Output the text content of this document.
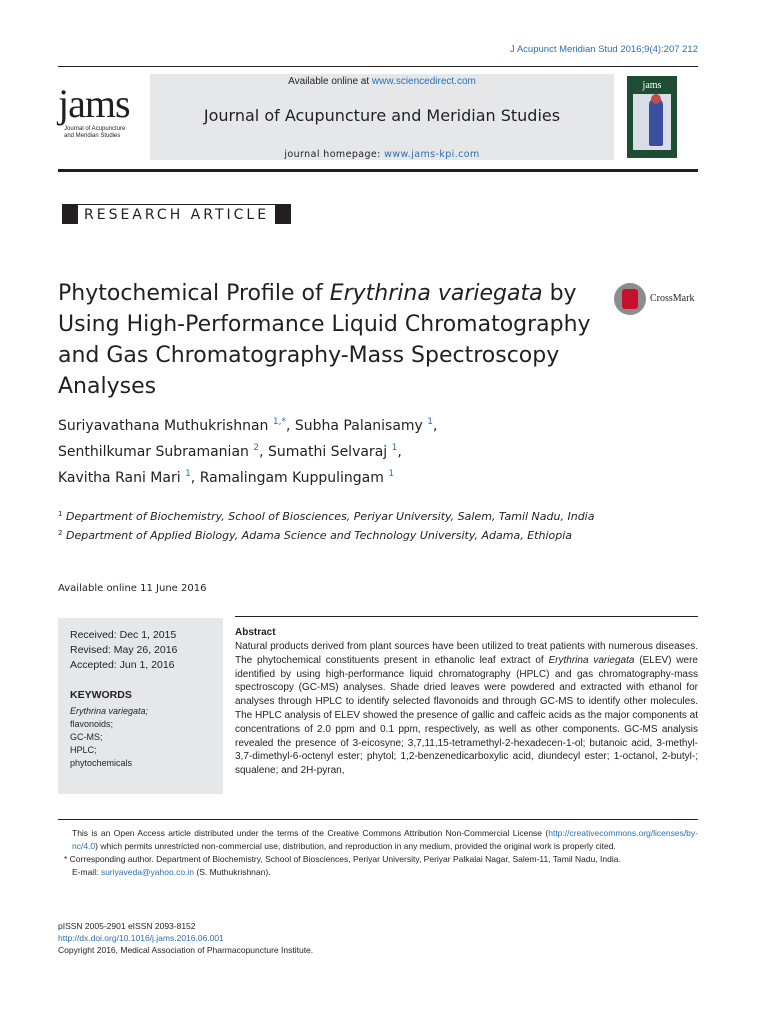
J Acupunct Meridian Stud 2016;9(4):207 212
jams
Journal of Acupuncture
and Meridian Studies
Available online at www.sciencedirect.com
Journal of Acupuncture and Meridian Studies
journal homepage: www.jams-kpi.com
jams
RESEARCH ARTICLE
Phytochemical Profile of Erythrina variegata by Using High-Performance Liquid Chromatography and Gas Chromatography-Mass Spectroscopy Analyses
CrossMark
Suriyavathana Muthukrishnan $^{1,*}$, Subha Palanisamy $^1$,
Senthilkumar Subramanian $^2$, Sumathi Selvaraj $^1$,
Kavitha Rani Mari $^1$, Ramalingam Kuppulingam $^1$
$^1$ Department of Biochemistry, School of Biosciences, Periyar University, Salem, Tamil Nadu, India
$^2$ Department of Applied Biology, Adama Science and Technology University, Adama, Ethiopia
Available online 11 June 2016
Received: Dec 1, 2015
Revised: May 26, 2016
Accepted: Jun 1, 2016
KEYWORDS
Erythrina variegata;
flavonoids;
GC-MS;
HPLC;
phytochemicals
Abstract
Natural products derived from plant sources have been utilized to treat patients with numerous diseases. The phytochemical constituents present in ethanolic leaf extract of Erythrina variegata (ELEV) were identified by using high-performance liquid chromatography (HPLC) and gas chromatography-mass spectroscopy (GC-MS) analyses. Shade dried leaves were powdered and extracted with ethanol for analyses through HPLC to identify selected flavonoids and through GC-MS to identify other molecules. The HPLC analysis of ELEV showed the presence of gallic and caffeic acids as the major components at concentrations of 2.0 ppm and 0.1 ppm, respectively, as well as other components. GC-MS analysis revealed the presence of 3-eicosyne; 3,7,11,15-tetramethyl-2-hexadecen-1-ol; butanoic acid, 3-methyl-3,7-dimethyl-6-octenyl ester; phytol; 1,2-benzenedicarboxylic acid, diundecyl ester; 1-octanol, 2-butyl-; squalene; and 2H-pyran,
This is an Open Access article distributed under the terms of the Creative Commons Attribution Non-Commercial License (http://creativecommons.org/licenses/by-nc/4.0) which permits unrestricted non-commercial use, distribution, and reproduction in any medium, provided the original work is properly cited.
* Corresponding author. Department of Biochemistry, School of Biosciences, Periyar University, Periyar Palkalai Nagar, Salem-11, Tamil Nadu, India.
E-mail: suriyaveda@yahoo.co.in (S. Muthukrishnan).
pISSN 2005-2901 eISSN 2093-8152
http://dx.doi.org/10.1016/j.jams.2016.06.001
Copyright 2016, Medical Association of Pharmacopuncture Institute.
